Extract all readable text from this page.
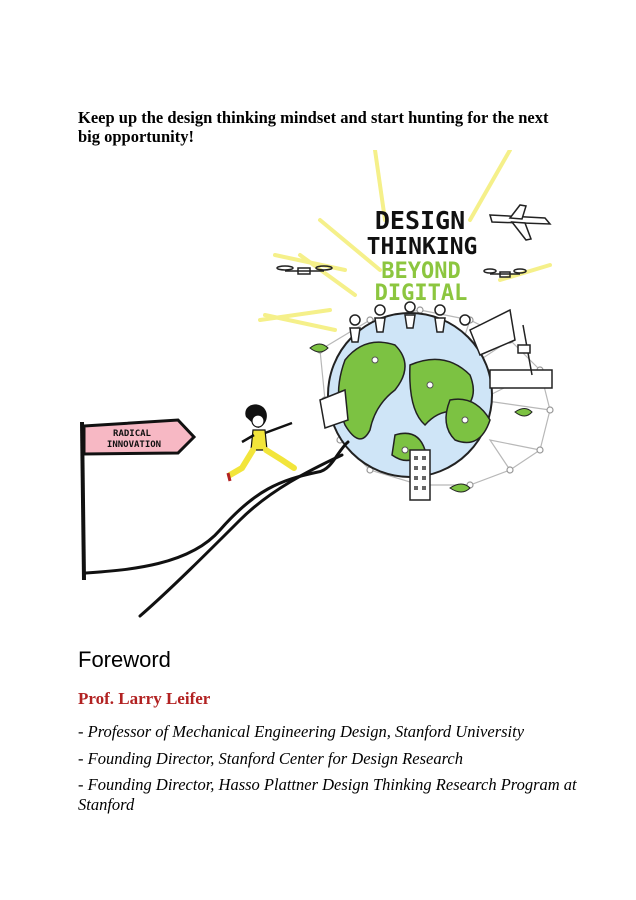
Keep up the design thinking mindset and start hunting for the next big opportunity!
DESIGN
THINKING
BEYOND
DIGITAL
RADICAL
INNOVATION
Foreword
Prof. Larry Leifer
- Professor of Mechanical Engineering Design, Stanford University
- Founding Director, Stanford Center for Design Research
- Founding Director, Hasso Plattner Design Thinking Research Program at Stanford
